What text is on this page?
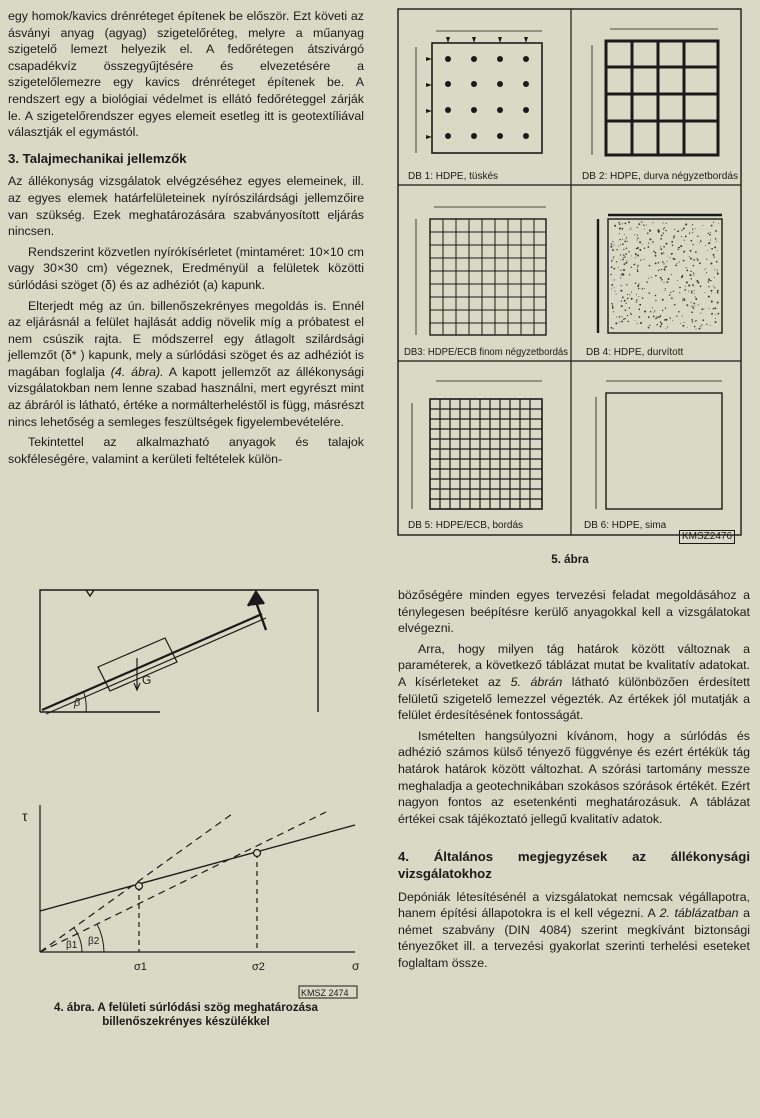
egy homok/kavics drénréteget építenek be először. Ezt követi az ásványi anyag (agyag) szigetelőréteg, melyre a műanyag szigetelő lemezt helyezik el. A fedőrétegen átszivárgó csapadékvíz összegyűjtésére és elvezetésére a szigetelőlemezre egy kavics drénréteget építenek be. A rendszert egy a biológiai védelmet is ellátó fedőréteggel zárják le. A szigetelőrendszer egyes elemeit esetleg itt is geotextíliával választják el egymástól.

3. Talajmechanikai jellemzők

Az állékonyság vizsgálatok elvégzéséhez egyes elemeinek, ill. az egyes elemek határfelületeinek nyírószilárdsági jellemzőire van szükség. Ezek meghatározására szabványosított eljárás nincsen.

Rendszerint közvetlen nyírókísérletet (mintaméret: 10×10 cm vagy 30×30 cm) végeznek, Eredményül a felületek közötti súrlódási szöget (δ) és az adhéziót (a) kapunk.

Elterjedt még az ún. billenőszekrényes megoldás is. Ennél az eljárásnál a felület hajlását addig növelik míg a próbatest el nem csúszik rajta. E módszerrel egy átlagolt szilárdsági jellemzőt (δ* ) kapunk, mely a súrlódási szöget és az adhéziót is magában foglalja (4. ábra). A kapott jellemzőt az állékonysági vizsgálatokban nem lenne szabad használni, mert egyrészt mint az ábráról is látható, értéke a normálterheléstől is függ, másrészt nincs lehetőség a semleges feszültségek figyelembevételére.

Tekintettel az alkalmazható anyagok és talajok sokféleségére, valamint a kerületi feltételek külön-

G
β
τ
β1 β2
σ1	σ2	σ
KMSZ 2474
4. ábra. A felületi súrlódási szög meghatározása billenőszekrényes készülékkel
DB 1: HDPE, tüskés	DB 2: HDPE, durva négyzetbordás
DB3: HDPE/ECB finom négyzetbordás DB 4: HDPE, durvított
DB 5: HDPE/ECB, bordás	DB 6: HDPE, sima
KMSZ2476
5. ábra

bözőségére minden egyes tervezési feladat megoldásához a ténylegesen beépítésre kerülő anyagokkal kell a vizsgálatokat elvégezni.

Arra, hogy milyen tág határok között változnak a paraméterek, a következő táblázat mutat be kvalitatív adatokat. A kísérleteket az 5. ábrán látható különbözően érdesített felületű szigetelő lemezzel végezték. Az értékek jól mutatják a felület érdesítésének fontosságát.

Ismételten hangsúlyozni kívánom, hogy a súrlódás és adhézió számos külső tényező függvénye és ezért értékük tág határok határok között változhat. A szórási tartomány messze meghaladja a geotechnikában szokásos szórások értékét. Ezért nagyon fontos az esetenkénti meghatározásuk. A táblázat értékei csak tájékoztató jellegű kvalitatív adatok.

4. Általános megjegyzések az állékonysági vizsgálatokhoz

Depóniák létesítésénél a vizsgálatokat nemcsak végállapotra, hanem építési állapotokra is el kell végezni. A 2. táblázatban a német szabvány (DIN 4084) szerint megkívánt biztonsági tényezőket ill. a tervezési gyakorlat szerinti terhelési eseteket foglaltam össze.
